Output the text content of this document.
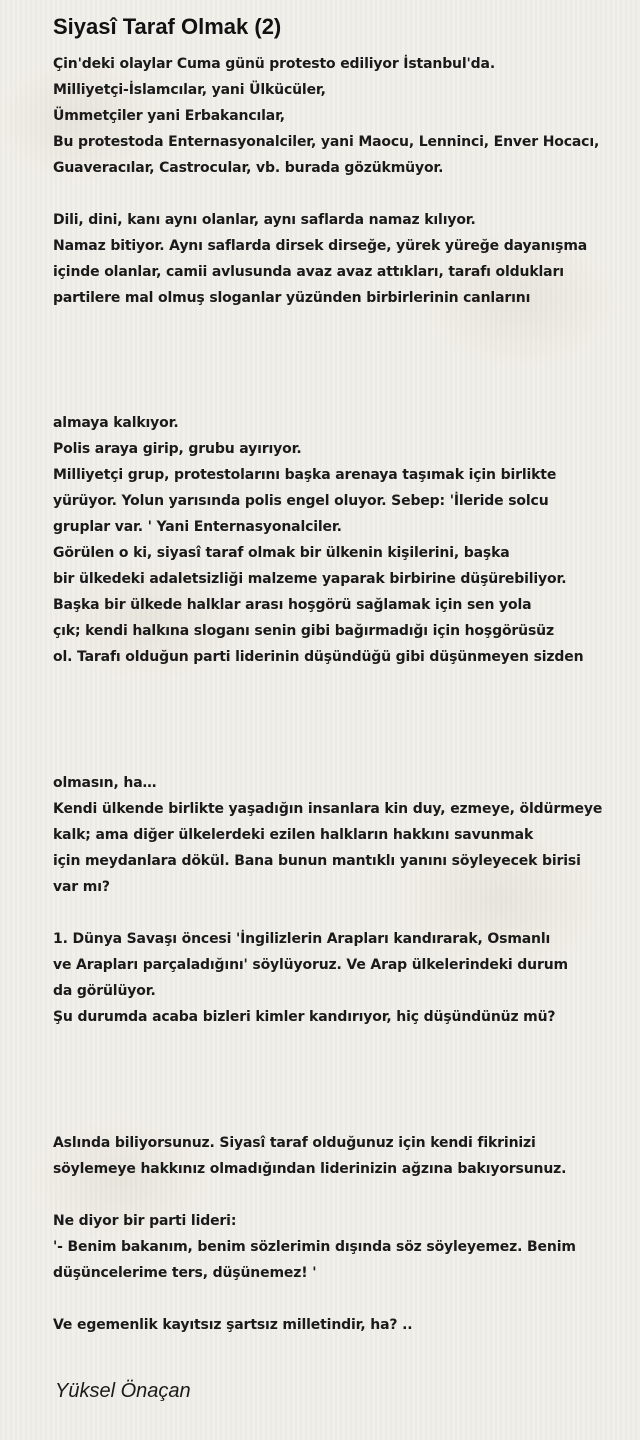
Siyasî Taraf Olmak (2)
Çin'deki olaylar Cuma günü protesto ediliyor İstanbul'da.
Milliyetçi-İslamcılar, yani Ülkücüler,
Ümmetçiler yani Erbakancılar,
Bu protestoda Enternasyonalciler, yani Maocu, Lenninci, Enver Hocacı,
Guaveracılar, Castrocular, vb. burada gözükmüyor.
Dili, dini, kanı aynı olanlar, aynı saflarda namaz kılıyor.
Namaz bitiyor. Aynı saflarda dirsek dirseğe, yürek yüreğe dayanışma
içinde olanlar, camii avlusunda avaz avaz attıkları, tarafı oldukları
partilere mal olmuş sloganlar yüzünden birbirlerinin canlarını
almaya kalkıyor.
Polis araya girip, grubu ayırıyor.
Milliyetçi grup, protestolarını başka arenaya taşımak için birlikte
yürüyor. Yolun yarısında polis engel oluyor. Sebep: 'İleride solcu
gruplar var. ' Yani Enternasyonalciler.
Görülen o ki, siyasî taraf olmak bir ülkenin kişilerini, başka
bir ülkedeki adaletsizliği malzeme yaparak birbirine düşürebiliyor.
Başka bir ülkede halklar arası hoşgörü sağlamak için sen yola
çık; kendi halkına sloganı senin gibi bağırmadığı için hoşgörüsüz
ol. Tarafı olduğun parti liderinin düşündüğü gibi düşünmeyen sizden
olmasın, ha…
Kendi ülkende birlikte yaşadığın insanlara kin duy, ezmeye, öldürmeye
kalk; ama diğer ülkelerdeki ezilen halkların hakkını savunmak
için meydanlara dökül. Bana bunun mantıklı yanını söyleyecek birisi
var mı?
1. Dünya Savaşı öncesi 'İngilizlerin Arapları kandırarak, Osmanlı
ve Arapları parçaladığını' söylüyoruz. Ve Arap ülkelerindeki durum
da görülüyor.
Şu durumda acaba bizleri kimler kandırıyor, hiç düşündünüz mü?
Aslında biliyorsunuz. Siyasî taraf olduğunuz için kendi fikrinizi
söylemeye hakkınız olmadığından liderinizin ağzına bakıyorsunuz.
Ne diyor bir parti lideri:
'- Benim bakanım, benim sözlerimin dışında söz söyleyemez. Benim
düşüncelerime ters, düşünemez! '
Ve egemenlik kayıtsız şartsız milletindir, ha? ..
Yüksel Önaçan
